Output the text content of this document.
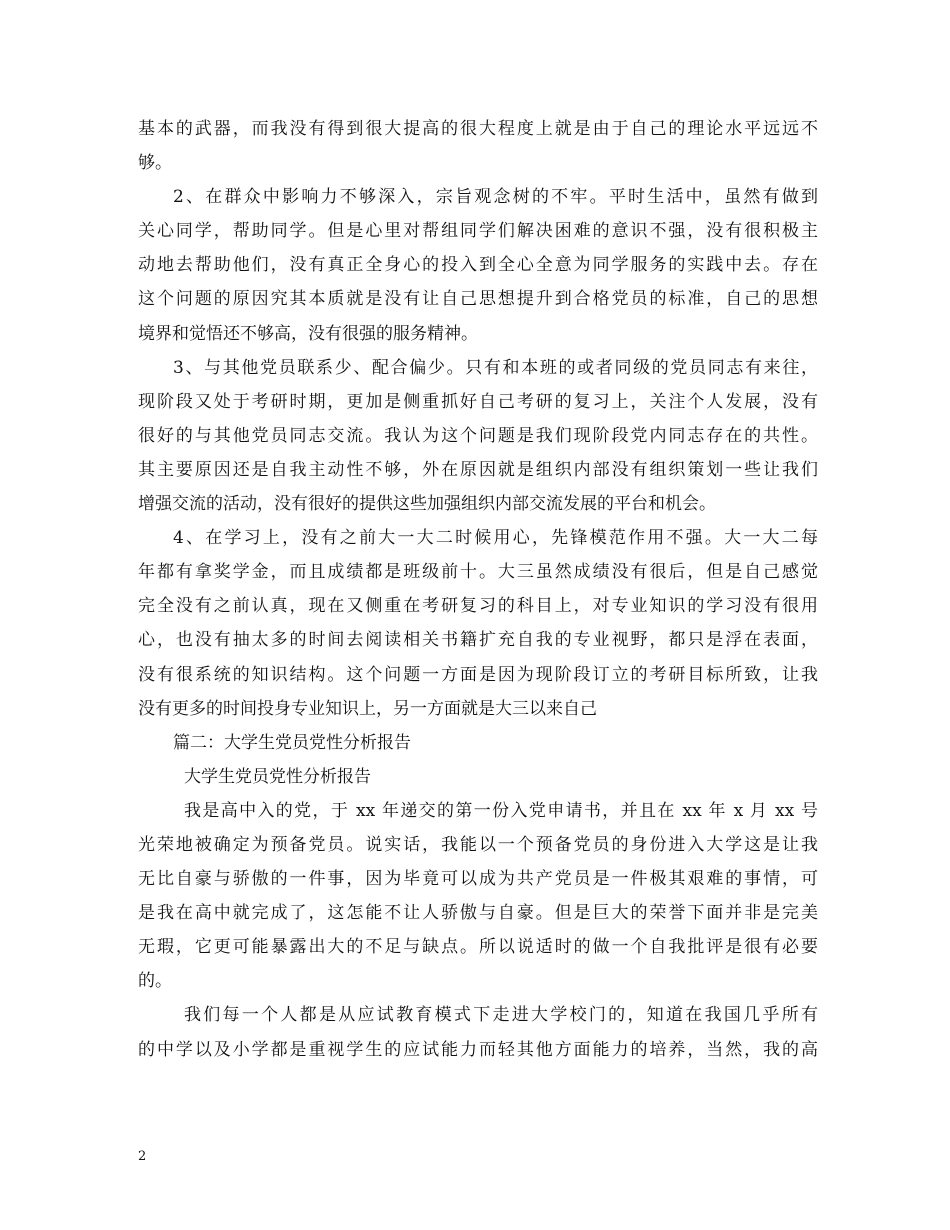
基本的武器，而我没有得到很大提高的很大程度上就是由于自己的理论水平远远不
够。
2、在群众中影响力不够深入，宗旨观念树的不牢。平时生活中，虽然有做到
关心同学，帮助同学。但是心里对帮组同学们解决困难的意识不强，没有很积极主
动地去帮助他们，没有真正全身心的投入到全心全意为同学服务的实践中去。存在
这个问题的原因究其本质就是没有让自己思想提升到合格党员的标准，自己的思想
境界和觉悟还不够高，没有很强的服务精神。
3、与其他党员联系少、配合偏少。只有和本班的或者同级的党员同志有来往，
现阶段又处于考研时期，更加是侧重抓好自己考研的复习上，关注个人发展，没有
很好的与其他党员同志交流。我认为这个问题是我们现阶段党内同志存在的共性。
其主要原因还是自我主动性不够，外在原因就是组织内部没有组织策划一些让我们
增强交流的活动，没有很好的提供这些加强组织内部交流发展的平台和机会。
4、在学习上，没有之前大一大二时候用心，先锋模范作用不强。大一大二每
年都有拿奖学金，而且成绩都是班级前十。大三虽然成绩没有很后，但是自己感觉
完全没有之前认真，现在又侧重在考研复习的科目上，对专业知识的学习没有很用
心，也没有抽太多的时间去阅读相关书籍扩充自我的专业视野，都只是浮在表面，
没有很系统的知识结构。这个问题一方面是因为现阶段订立的考研目标所致，让我
没有更多的时间投身专业知识上，另一方面就是大三以来自己
篇二：大学生党员党性分析报告
大学生党员党性分析报告
我是高中入的党，于 xx 年递交的第一份入党申请书，并且在 xx 年 x 月 xx 号
光荣地被确定为预备党员。说实话，我能以一个预备党员的身份进入大学这是让我
无比自豪与骄傲的一件事，因为毕竟可以成为共产党员是一件极其艰难的事情，可
是我在高中就完成了，这怎能不让人骄傲与自豪。但是巨大的荣誉下面并非是完美
无瑕，它更可能暴露出大的不足与缺点。所以说适时的做一个自我批评是很有必要
的。
我们每一个人都是从应试教育模式下走进大学校门的，知道在我国几乎所有
的中学以及小学都是重视学生的应试能力而轻其他方面能力的培养，当然，我的高
2
